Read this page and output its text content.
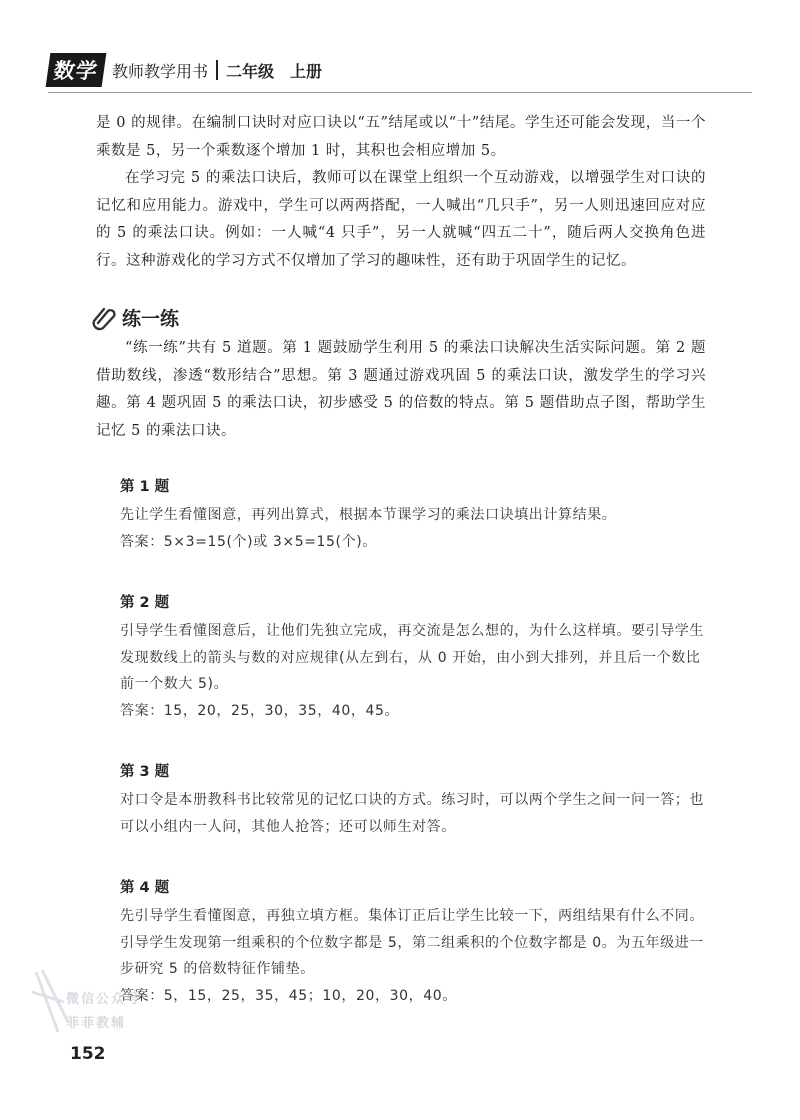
数学 教师教学用书 二年级　上册

是 0 的规律。在编制口诀时对应口诀以“五”结尾或以“十”结尾。学生还可能会发现，当一个乘数是 5，另一个乘数逐个增加 1 时，其积也会相应增加 5。

在学习完 5 的乘法口诀后，教师可以在课堂上组织一个互动游戏，以增强学生对口诀的记忆和应用能力。游戏中，学生可以两两搭配，一人喊出“几只手”，另一人则迅速回应对应的 5 的乘法口诀。例如：一人喊“4 只手”，另一人就喊“四五二十”，随后两人交换角色进行。这种游戏化的学习方式不仅增加了学习的趣味性，还有助于巩固学生的记忆。

练一练

“练一练”共有 5 道题。第 1 题鼓励学生利用 5 的乘法口诀解决生活实际问题。第 2 题借助数线，渗透“数形结合”思想。第 3 题通过游戏巩固 5 的乘法口诀，激发学生的学习兴趣。第 4 题巩固 5 的乘法口诀，初步感受 5 的倍数的特点。第 5 题借助点子图，帮助学生记忆 5 的乘法口诀。

第 1 题

先让学生看懂图意，再列出算式，根据本节课学习的乘法口诀填出计算结果。

答案：5×3=15(个)或 3×5=15(个)。

第 2 题

引导学生看懂图意后，让他们先独立完成，再交流是怎么想的，为什么这样填。要引导学生发现数线上的箭头与数的对应规律(从左到右，从 0 开始，由小到大排列，并且后一个数比前一个数大 5)。

答案：15，20，25，30，35，40，45。

第 3 题

对口令是本册教科书比较常见的记忆口诀的方式。练习时，可以两个学生之间一问一答；也可以小组内一人问，其他人抢答；还可以师生对答。

第 4 题

先引导学生看懂图意，再独立填方框。集体订正后让学生比较一下，两组结果有什么不同。引导学生发现第一组乘积的个位数字都是 5，第二组乘积的个位数字都是 0。为五年级进一步研究 5 的倍数特征作铺垫。

答案：5，15，25，35，45；10，20，30，40。

微信公众号
菲菲教辅
152
